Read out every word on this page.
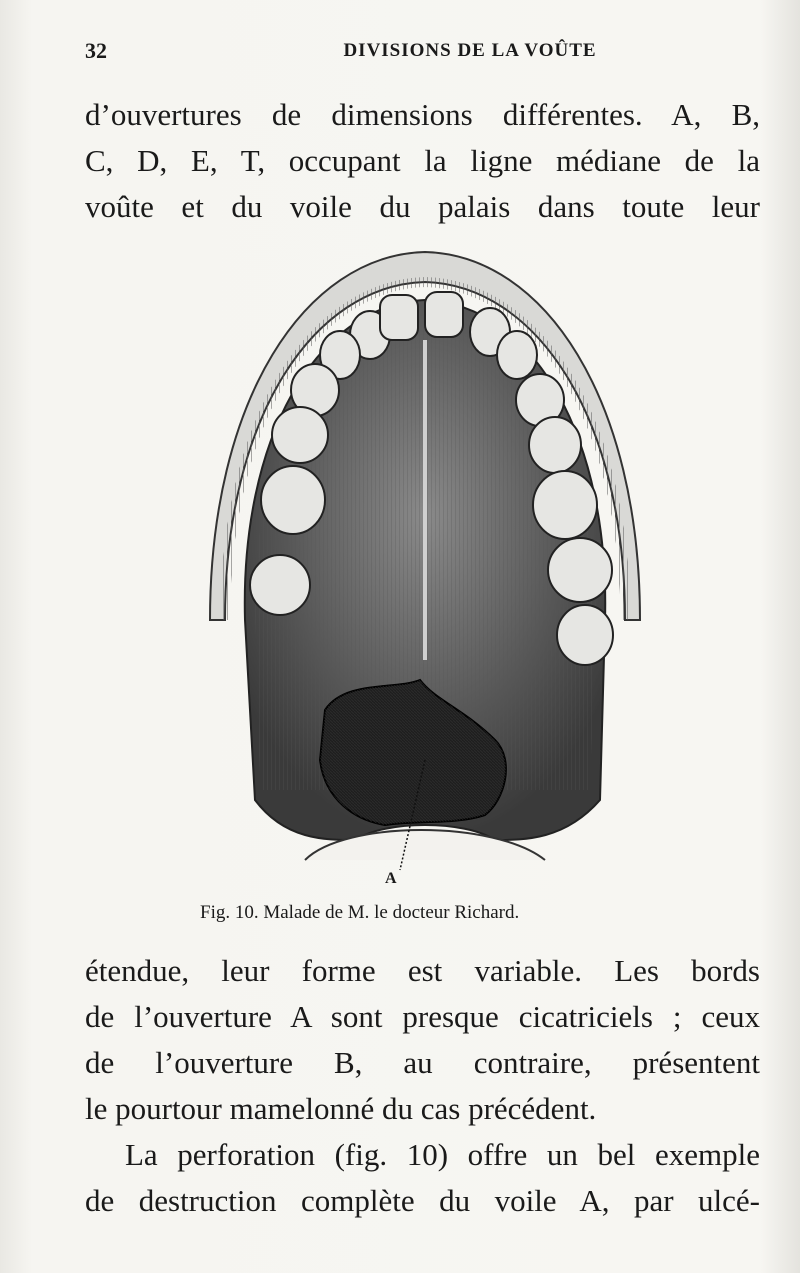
32	DIVISIONS DE LA VOÛTE
d’ouvertures de dimensions différentes. A, B,
C, D, E, T, occupant la ligne médiane de la
voûte et du voile du palais dans toute leur
A
Fig. 10. Malade de M. le docteur Richard.
étendue, leur forme est variable. Les bords
de l’ouverture A sont presque cicatriciels ; ceux
de l’ouverture B, au contraire, présentent
le pourtour mamelonné du cas précédent.
La perforation (fig. 10) offre un bel exemple
de destruction complète du voile A, par ulcé-
